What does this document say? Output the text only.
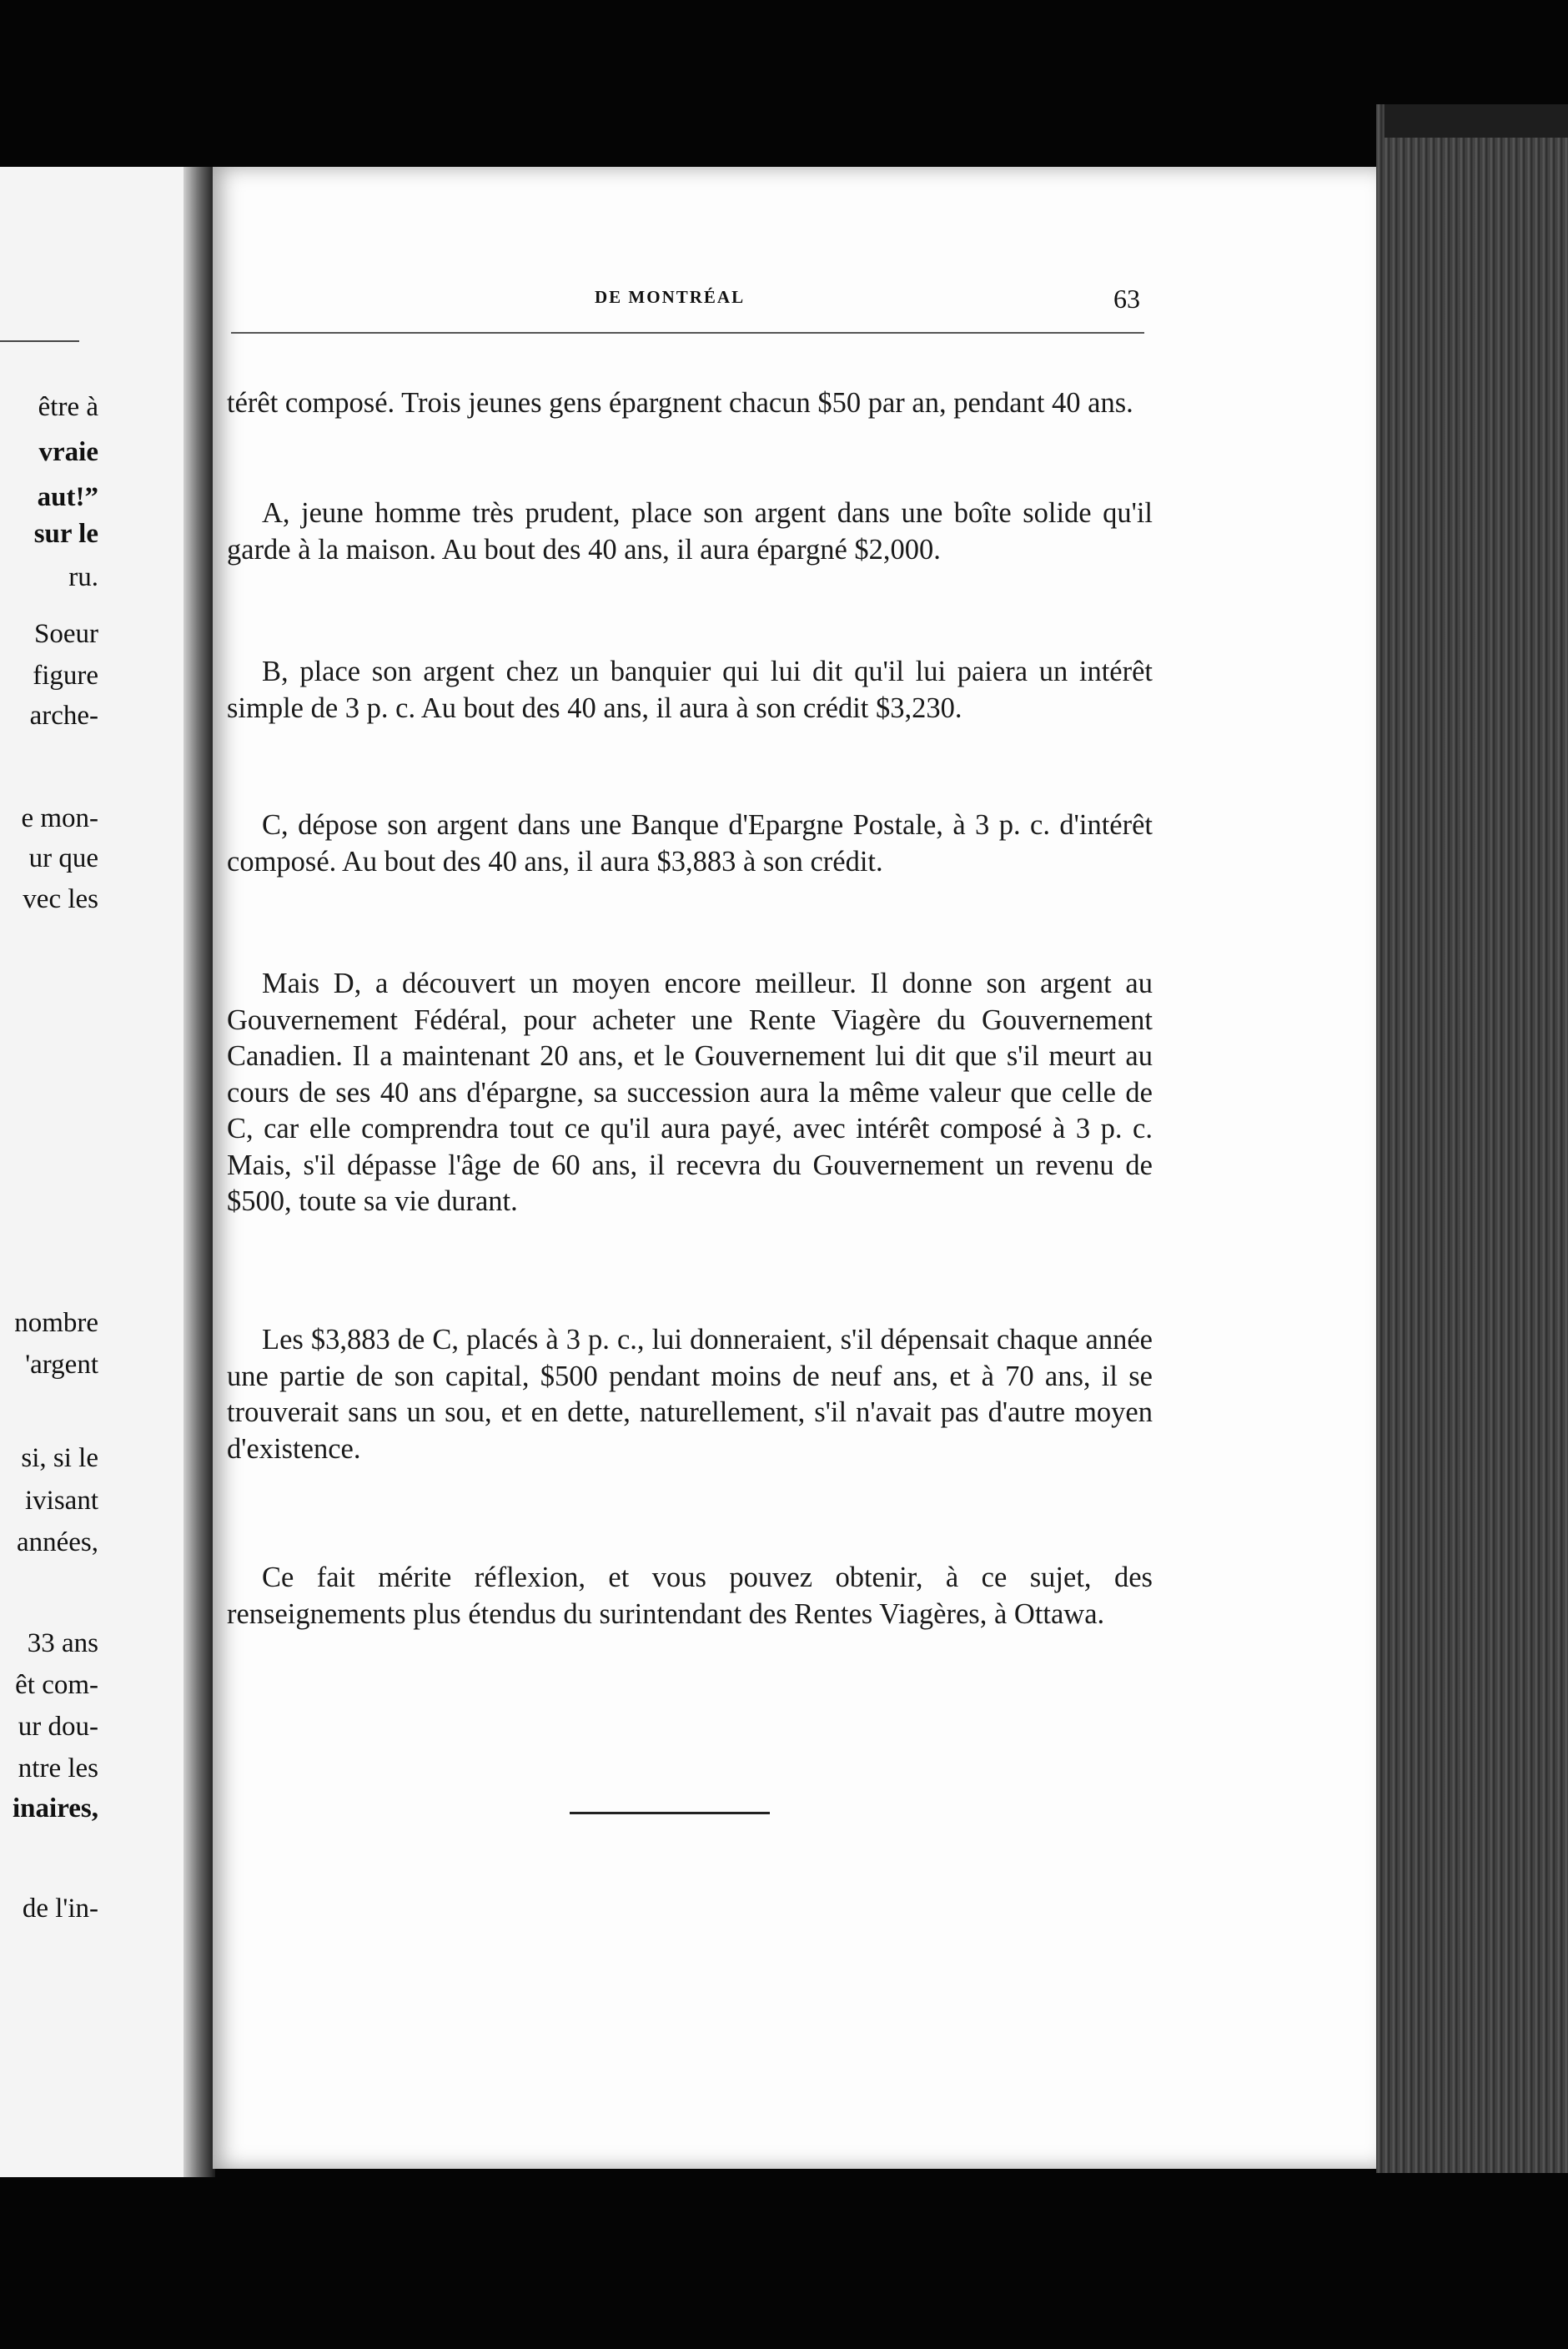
être à
vraie
aut!”
sur le
ru.
Soeur
figure
arche-
e mon-
ur que
vec les
nombre
'argent
si, si le
ivisant
années,
33 ans
êt com-
ur dou-
ntre les
inaires,
de l'in-
DE MONTRÉAL	63

térêt composé. Trois jeunes gens épargnent chacun $50 par an, pendant 40 ans.

A, jeune homme très prudent, place son argent dans une boîte solide qu'il garde à la maison. Au bout des 40 ans, il aura épargné $2,000.

B, place son argent chez un banquier qui lui dit qu'il lui paiera un intérêt simple de 3 p. c. Au bout des 40 ans, il aura à son crédit $3,230.

C, dépose son argent dans une Banque d'Epargne Postale, à 3 p. c. d'intérêt composé. Au bout des 40 ans, il aura $3,883 à son crédit.

Mais D, a découvert un moyen encore meilleur. Il donne son argent au Gouvernement Fédéral, pour acheter une Rente Viagère du Gouvernement Canadien. Il a maintenant 20 ans, et le Gouvernement lui dit que s'il meurt au cours de ses 40 ans d'épargne, sa succession aura la même valeur que celle de C, car elle comprendra tout ce qu'il aura payé, avec intérêt composé à 3 p. c. Mais, s'il dépasse l'âge de 60 ans, il recevra du Gouvernement un revenu de $500, toute sa vie durant.

Les $3,883 de C, placés à 3 p. c., lui donneraient, s'il dépensait chaque année une partie de son capital, $500 pendant moins de neuf ans, et à 70 ans, il se trouverait sans un sou, et en dette, naturellement, s'il n'avait pas d'autre moyen d'existence.

Ce fait mérite réflexion, et vous pouvez obtenir, à ce sujet, des renseignements plus étendus du surintendant des Rentes Viagères, à Ottawa.
